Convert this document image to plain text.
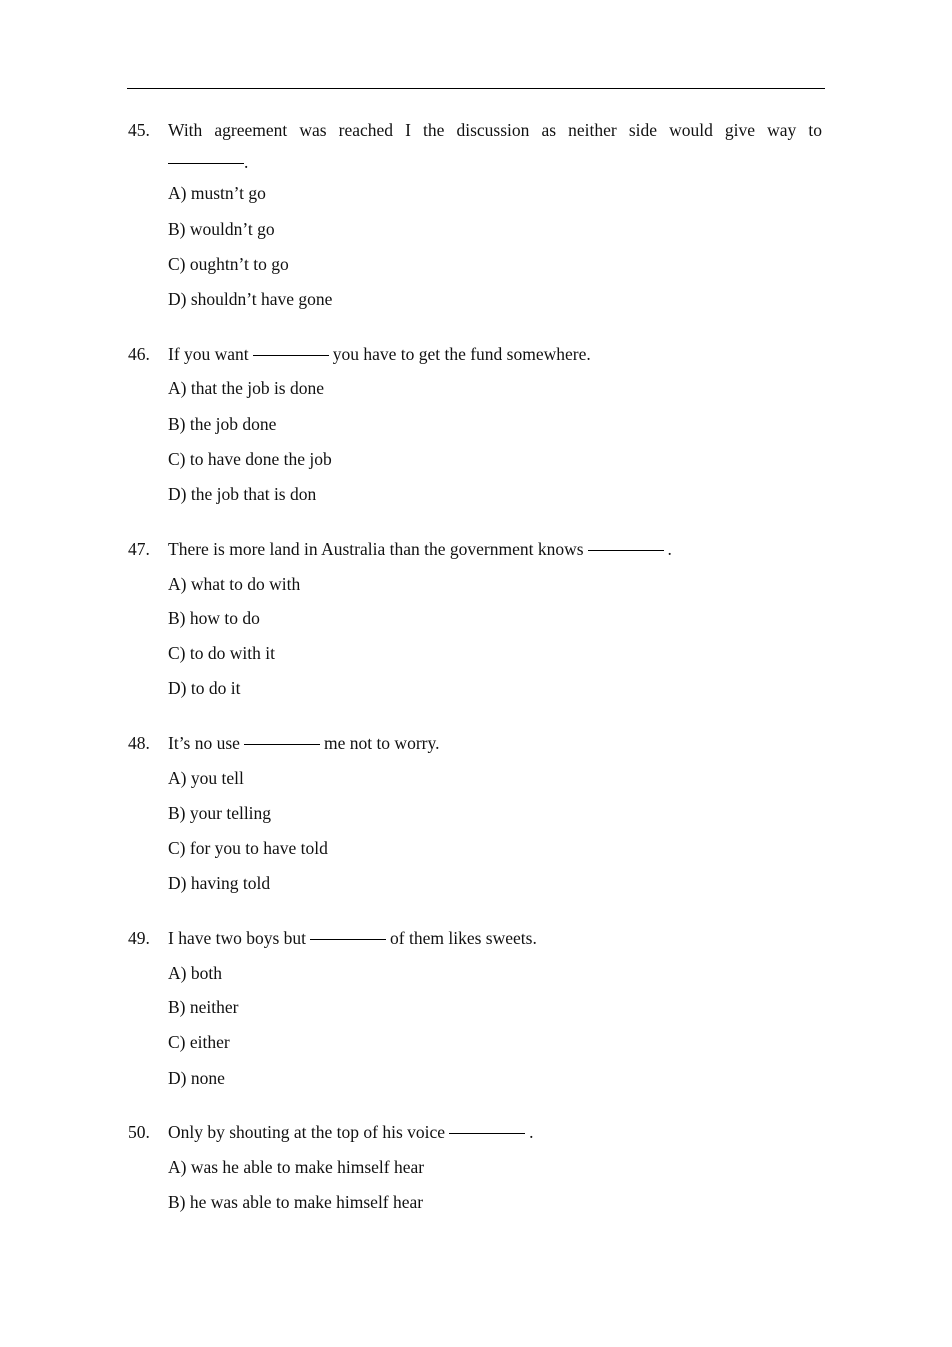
45. With agreement was reached I the discussion as neither side would give way to
.
A) mustn’t go
B) wouldn’t go
C) oughtn’t to go
D) shouldn’t have gone
46. If you want	you have to get the fund somewhere.
A) that the job is done
B) the job done
C) to have done the job
D) the job that is don
47. There is more land in Australia than the government knows	.
A) what to do with
B) how to do
C) to do with it
D) to do it
48. It’s no use	me not to worry.
A) you tell
B) your telling
C) for you to have told
D) having told
49. I have two boys but	of them likes sweets.
A) both
B) neither
C) either
D) none
50. Only by shouting at the top of his voice	.
A) was he able to make himself hear
B) he was able to make himself hear
